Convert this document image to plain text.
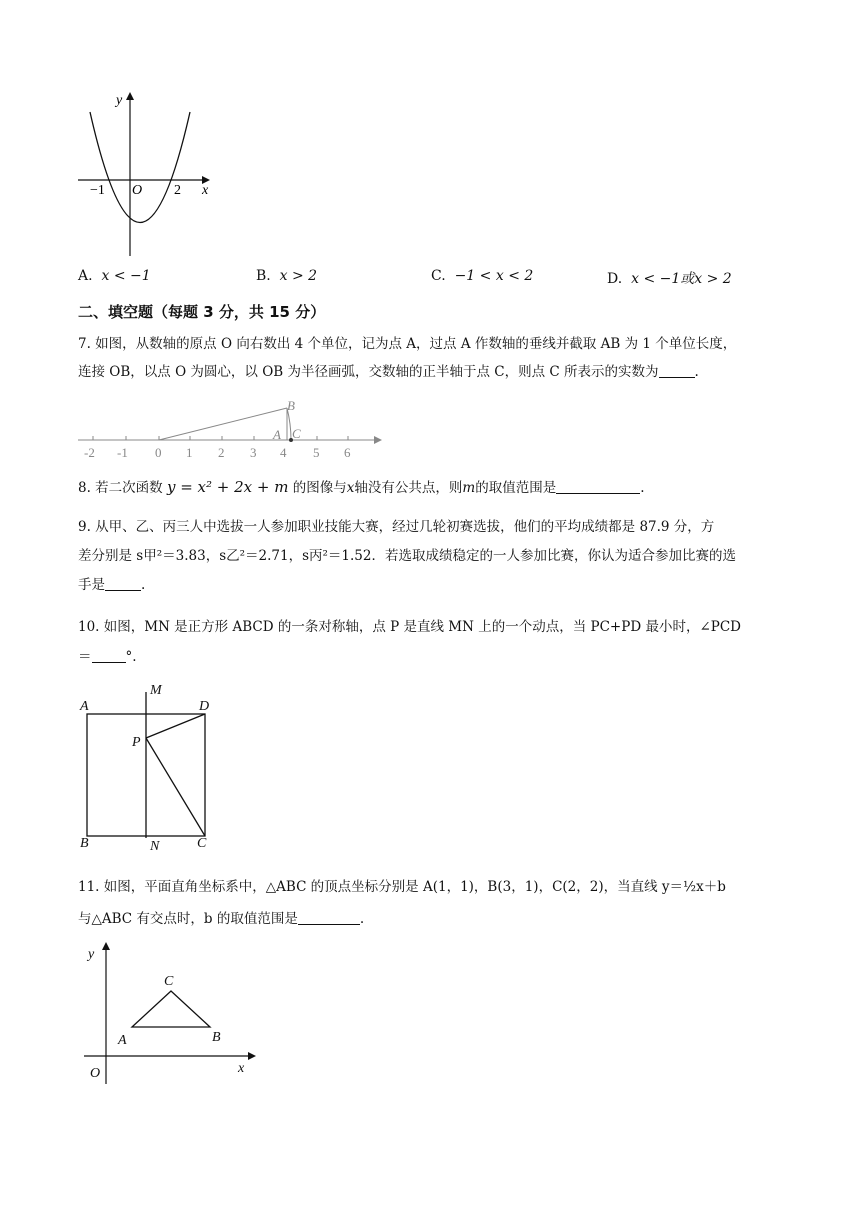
y
x
−1 O 2
A. x < −1	B. x > 2	C. −1 < x < 2	D. x < −1或x > 2
二、填空题（每题 3 分，共 15 分）
7. 如图，从数轴的原点 O 向右数出 4 个单位，记为点 A，过点 A 作数轴的垂线并截取 AB 为 1 个单位长度，
连接 OB，以点 O 为圆心，以 OB 为半径画弧，交数轴的正半轴于点 C，则点 C 所表示的实数为	.
-2 -1 0 1 2 3 4 5 6
A
B
C
8. 若二次函数 y = x² + 2x + m 的图像与x轴没有公共点，则m的取值范围是	.
9. 从甲、乙、丙三人中选拔一人参加职业技能大赛，经过几轮初赛选拔，他们的平均成绩都是 87.9 分，方
差分别是 s甲²＝3.83，s乙²＝2.71，s丙²＝1.52．若选取成绩稳定的一人参加比赛，你认为适合参加比赛的选
手是	.
10. 如图，MN 是正方形 ABCD 的一条对称轴，点 P 是直线 MN 上的一个动点，当 PC+PD 最小时，∠PCD
＝	°.
A
M
D
P
B	N	C
11. 如图，平面直角坐标系中，△ABC 的顶点坐标分别是 A(1，1)，B(3，1)，C(2，2)，当直线 y＝½x＋b
与△ABC 有交点时，b 的取值范围是	.
y
x
O
A	B
C
